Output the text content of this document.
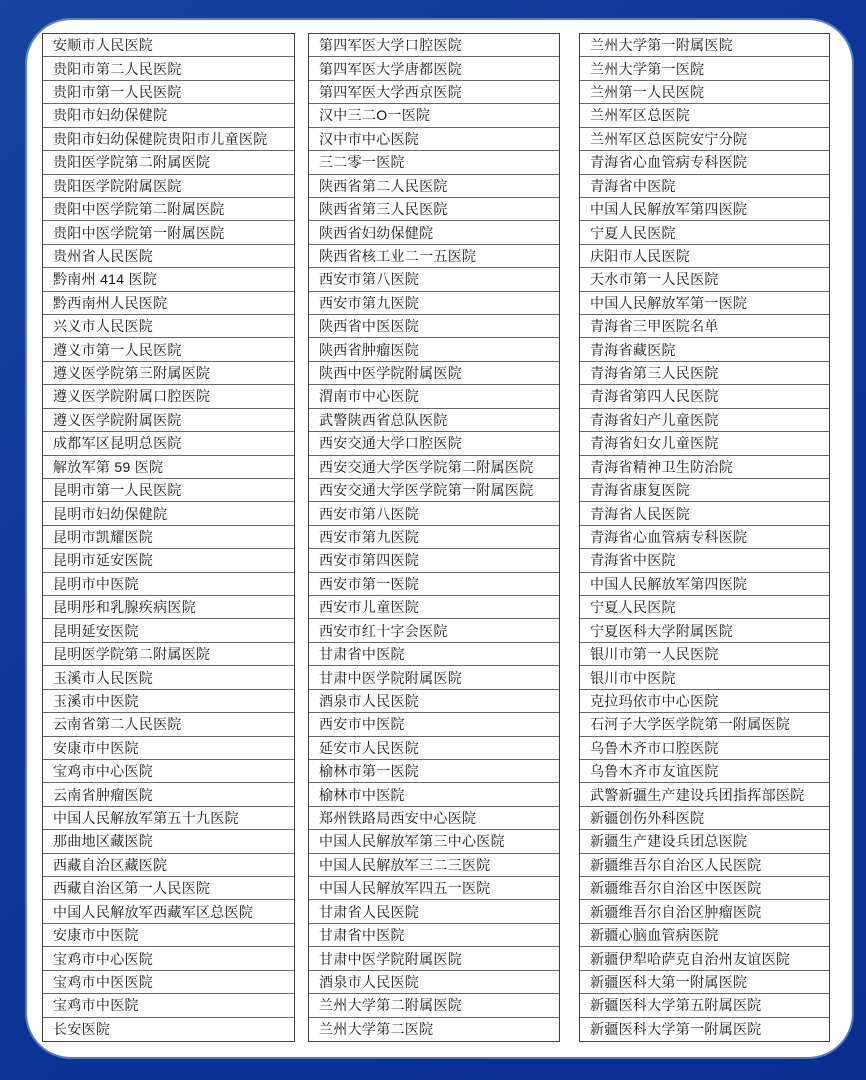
安顺市人民医院
贵阳市第二人民医院
贵阳市第一人民医院
贵阳市妇幼保健院
贵阳市妇幼保健院贵阳市儿童医院
贵阳医学院第二附属医院
贵阳医学院附属医院
贵阳中医学院第二附属医院
贵阳中医学院第一附属医院
贵州省人民医院
黔南州 414 医院
黔西南州人民医院
兴义市人民医院
遵义市第一人民医院
遵义医学院第三附属医院
遵义医学院附属口腔医院
遵义医学院附属医院
成都军区昆明总医院
解放军第 59 医院
昆明市第一人民医院
昆明市妇幼保健院
昆明市凯耀医院
昆明市延安医院
昆明市中医院
昆明彤和乳腺疾病医院
昆明延安医院
昆明医学院第二附属医院
玉溪市人民医院
玉溪市中医院
云南省第二人民医院
安康市中医院
宝鸡市中心医院
云南省肿瘤医院
中国人民解放军第五十九医院
那曲地区藏医院
西藏自治区藏医院
西藏自治区第一人民医院
中国人民解放军西藏军区总医院
安康市中医院
宝鸡市中心医院
宝鸡市中医医院
宝鸡市中医院
长安医院
第四军医大学口腔医院
第四军医大学唐都医院
第四军医大学西京医院
汉中三二O一医院
汉中市中心医院
三二零一医院
陕西省第二人民医院
陕西省第三人民医院
陕西省妇幼保健院
陕西省核工业二一五医院
西安市第八医院
西安市第九医院
陕西省中医医院
陕西省肿瘤医院
陕西中医学院附属医院
渭南市中心医院
武警陕西省总队医院
西安交通大学口腔医院
西安交通大学医学院第二附属医院
西安交通大学医学院第一附属医院
西安市第八医院
西安市第九医院
西安市第四医院
西安市第一医院
西安市儿童医院
西安市红十字会医院
甘肃省中医院
甘肃中医学院附属医院
酒泉市人民医院
西安市中医院
延安市人民医院
榆林市第一医院
榆林市中医院
郑州铁路局西安中心医院
中国人民解放军第三中心医院
中国人民解放军三二三医院
中国人民解放军四五一医院
甘肃省人民医院
甘肃省中医院
甘肃中医学院附属医院
酒泉市人民医院
兰州大学第二附属医院
兰州大学第二医院
兰州大学第一附属医院
兰州大学第一医院
兰州第一人民医院
兰州军区总医院
兰州军区总医院安宁分院
青海省心血管病专科医院
青海省中医院
中国人民解放军第四医院
宁夏人民医院
庆阳市人民医院
天水市第一人民医院
中国人民解放军第一医院
青海省三甲医院名单
青海省藏医院
青海省第三人民医院
青海省第四人民医院
青海省妇产儿童医院
青海省妇女儿童医院
青海省精神卫生防治院
青海省康复医院
青海省人民医院
青海省心血管病专科医院
青海省中医院
中国人民解放军第四医院
宁夏人民医院
宁夏医科大学附属医院
银川市第一人民医院
银川市中医院
克拉玛依市中心医院
石河子大学医学院第一附属医院
乌鲁木齐市口腔医院
乌鲁木齐市友谊医院
武警新疆生产建设兵团指挥部医院
新疆创伤外科医院
新疆生产建设兵团总医院
新疆维吾尔自治区人民医院
新疆维吾尔自治区中医医院
新疆维吾尔自治区肿瘤医院
新疆心脑血管病医院
新疆伊犁哈萨克自治州友谊医院
新疆医科大第一附属医院
新疆医科大学第五附属医院
新疆医科大学第一附属医院
